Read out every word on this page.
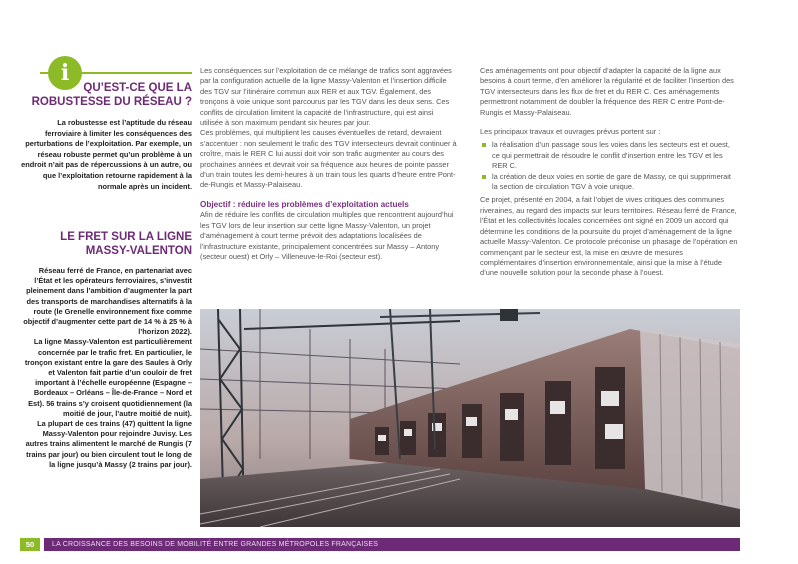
i
QU’EST-CE QUE LA ROBUSTESSE DU RÉSEAU ?
La robustesse est l’aptitude du réseau ferroviaire à limiter les conséquences des perturbations de l’exploitation. Par exemple, un réseau robuste permet qu’un problème à un endroit n’ait pas de répercussions à un autre, ou que l’exploitation retourne rapidement à la normale après un incident.
LE FRET SUR LA LIGNE MASSY-VALENTON
Réseau ferré de France, en partenariat avec l’État et les opérateurs ferroviaires, s’investit pleinement dans l’ambition d’augmenter la part des transports de marchandises alternatifs à la route (le Grenelle environnement fixe comme objectif d’augmenter cette part de 14 % à 25 % à l’horizon 2022).
La ligne Massy-Valenton est particulièrement concernée par le trafic fret. En particulier, le tronçon existant entre la gare des Saules à Orly et Valenton fait partie d’un couloir de fret important à l’échelle européenne (Espagne – Bordeaux – Orléans – Île-de-France – Nord et Est). 56 trains s’y croisent quotidiennement (la moitié de jour, l’autre moitié de nuit).
La plupart de ces trains (47) quittent la ligne Massy-Valenton pour rejoindre Juvisy. Les autres trains alimentent le marché de Rungis (7 trains par jour) ou bien circulent tout le long de la ligne jusqu’à Massy (2 trains par jour).

Les conséquences sur l’exploitation de ce mélange de trafics sont aggravées par la configuration actuelle de la ligne Massy-Valenton et l’insertion difficile des TGV sur l’itinéraire commun aux RER et aux TGV. Également, des tronçons à voie unique sont parcourus par les TGV dans les deux sens. Ces conflits de circulation limitent la capacité de l’infrastructure, qui est ainsi utilisée à son maximum pendant six heures par jour.

Ces problèmes, qui multiplient les causes éventuelles de retard, devraient s’accentuer : non seulement le trafic des TGV intersecteurs devrait continuer à croître, mais le RER C lui aussi doit voir son trafic augmenter au cours des prochaines années et devrait voir sa fréquence aux heures de pointe passer d’un train toutes les demi-heures à un train tous les quarts d’heure entre Pont-de-Rungis et Massy-Palaiseau.

Objectif : réduire les problèmes d’exploitation actuels

Afin de réduire les conflits de circulation multiples que rencontrent aujourd’hui les TGV lors de leur insertion sur cette ligne Massy-Valenton, un projet d’aménagement à court terme prévoit des adaptations localisées de l’infrastructure existante, principalement concentrées sur Massy – Antony (secteur ouest) et Orly – Villeneuve-le-Roi (secteur est).

Ces aménagements ont pour objectif d’adapter la capacité de la ligne aux besoins à court terme, d’en améliorer la régularité et de faciliter l’insertion des TGV intersecteurs dans les flux de fret et du RER C. Ces aménagements permettront notamment de doubler la fréquence des RER C entre Pont-de-Rungis et Massy-Palaiseau.

Les principaux travaux et ouvrages prévus portent sur :

la réalisation d’un passage sous les voies dans les secteurs est et ouest, ce qui permettrait de résoudre le conflit d’insertion entre les TGV et les RER C.
la création de deux voies en sortie de gare de Massy, ce qui supprimerait la section de circulation TGV à voie unique.

Ce projet, présenté en 2004, a fait l’objet de vives critiques des communes riveraines, au regard des impacts sur leurs territoires. Réseau ferré de France, l’État et les collectivités locales concernées ont signé en 2009 un accord qui détermine les conditions de la poursuite du projet d’aménagement de la ligne actuelle Massy-Valenton. Ce protocole préconise un phasage de l’opération en commençant par le secteur est, la mise en œuvre de mesures complémentaires d’insertion environnementale, ainsi que la mise à l’étude d’une nouvelle solution pour la seconde phase à l’ouest.

50	LA CROISSANCE DES BESOINS DE MOBILITÉ ENTRE GRANDES MÉTROPOLES FRANÇAISES
